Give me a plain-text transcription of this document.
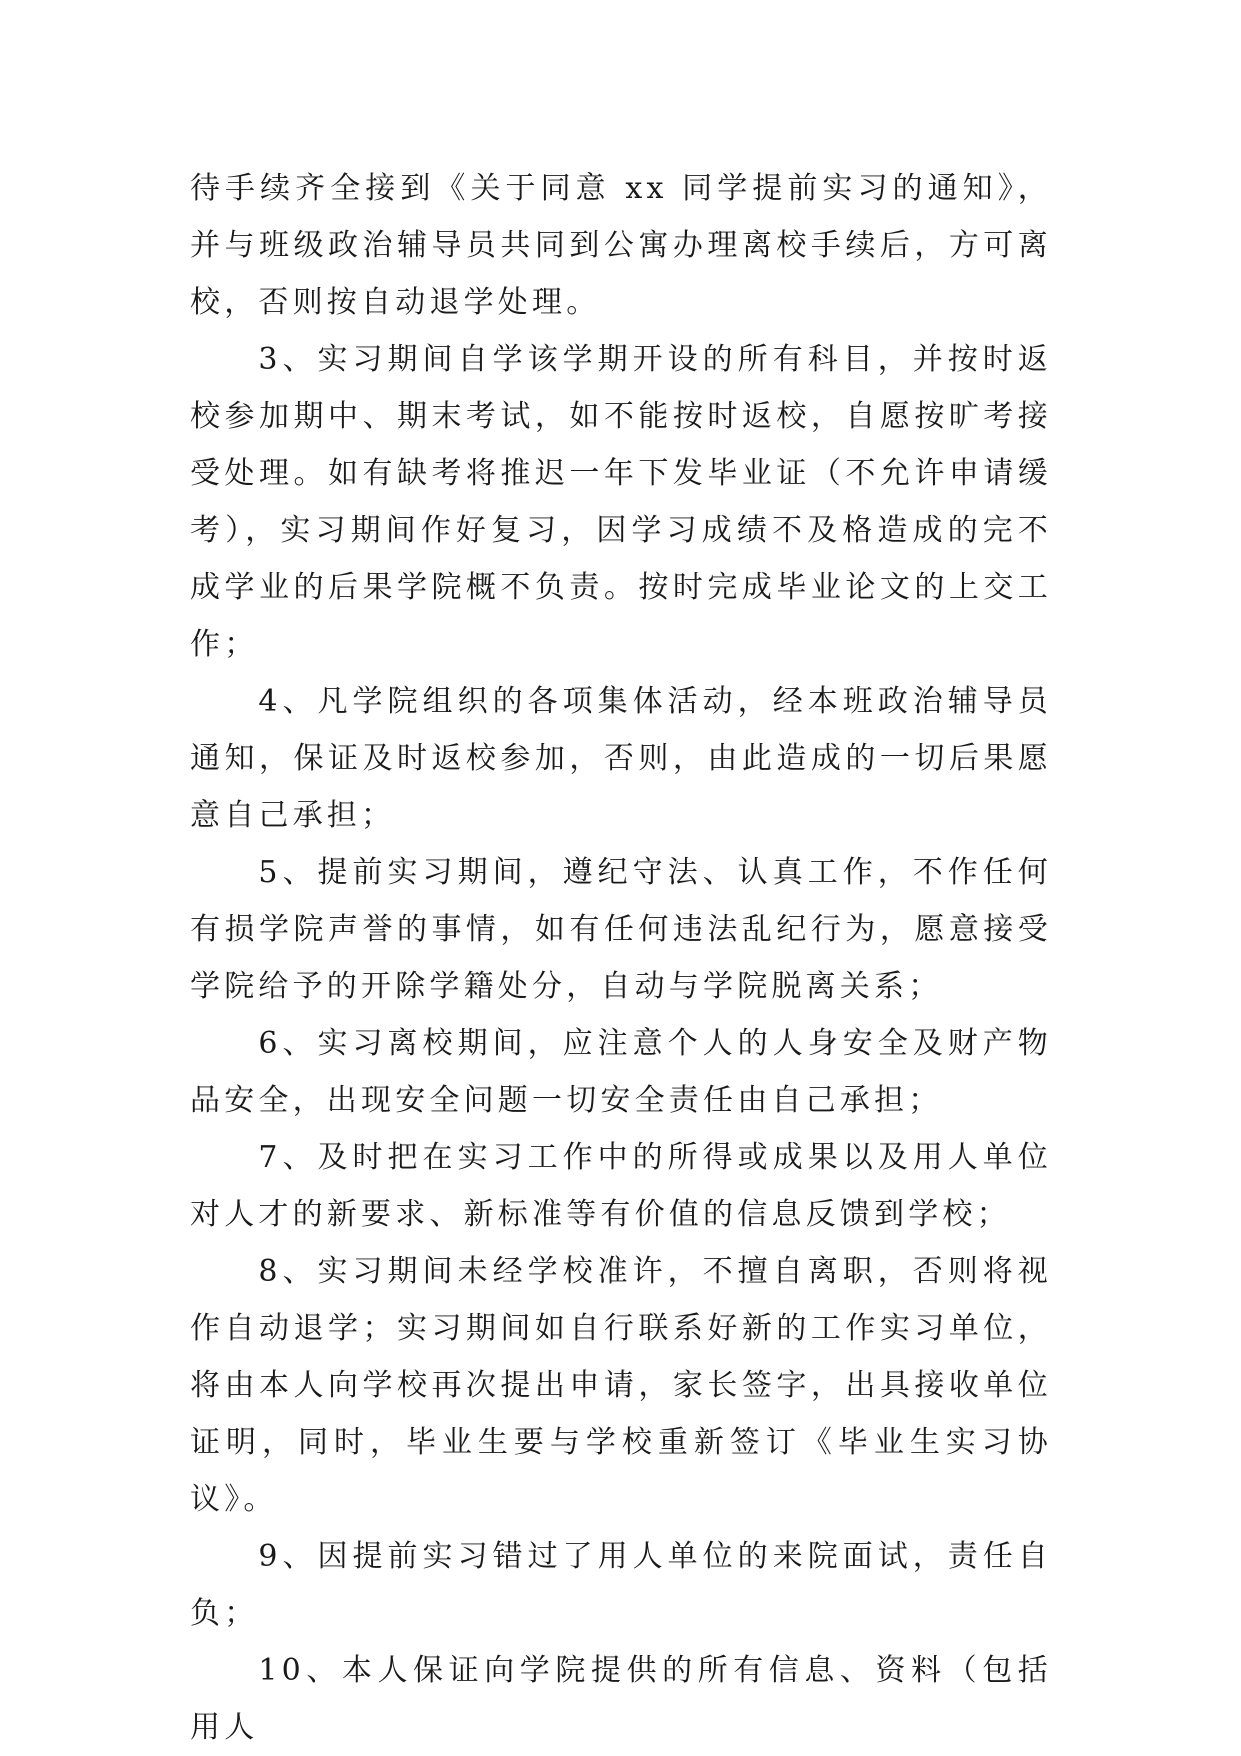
待手续齐全接到《关于同意 xx 同学提前实习的通知》，并与班级政治辅导员共同到公寓办理离校手续后，方可离校，否则按自动退学处理。

3、实习期间自学该学期开设的所有科目，并按时返校参加期中、期末考试，如不能按时返校，自愿按旷考接受处理。如有缺考将推迟一年下发毕业证（不允许申请缓考），实习期间作好复习，因学习成绩不及格造成的完不成学业的后果学院概不负责。按时完成毕业论文的上交工作；

4、凡学院组织的各项集体活动，经本班政治辅导员通知，保证及时返校参加，否则，由此造成的一切后果愿意自己承担；

5、提前实习期间，遵纪守法、认真工作，不作任何有损学院声誉的事情，如有任何违法乱纪行为，愿意接受学院给予的开除学籍处分，自动与学院脱离关系；

6、实习离校期间，应注意个人的人身安全及财产物品安全，出现安全问题一切安全责任由自己承担；

7、及时把在实习工作中的所得或成果以及用人单位对人才的新要求、新标准等有价值的信息反馈到学校；

8、实习期间未经学校准许，不擅自离职，否则将视作自动退学；实习期间如自行联系好新的工作实习单位，将由本人向学校再次提出申请，家长签字，出具接收单位证明，同时，毕业生要与学校重新签订《毕业生实习协议》。

9、因提前实习错过了用人单位的来院面试，责任自负；

10、本人保证向学院提供的所有信息、资料（包括用人
